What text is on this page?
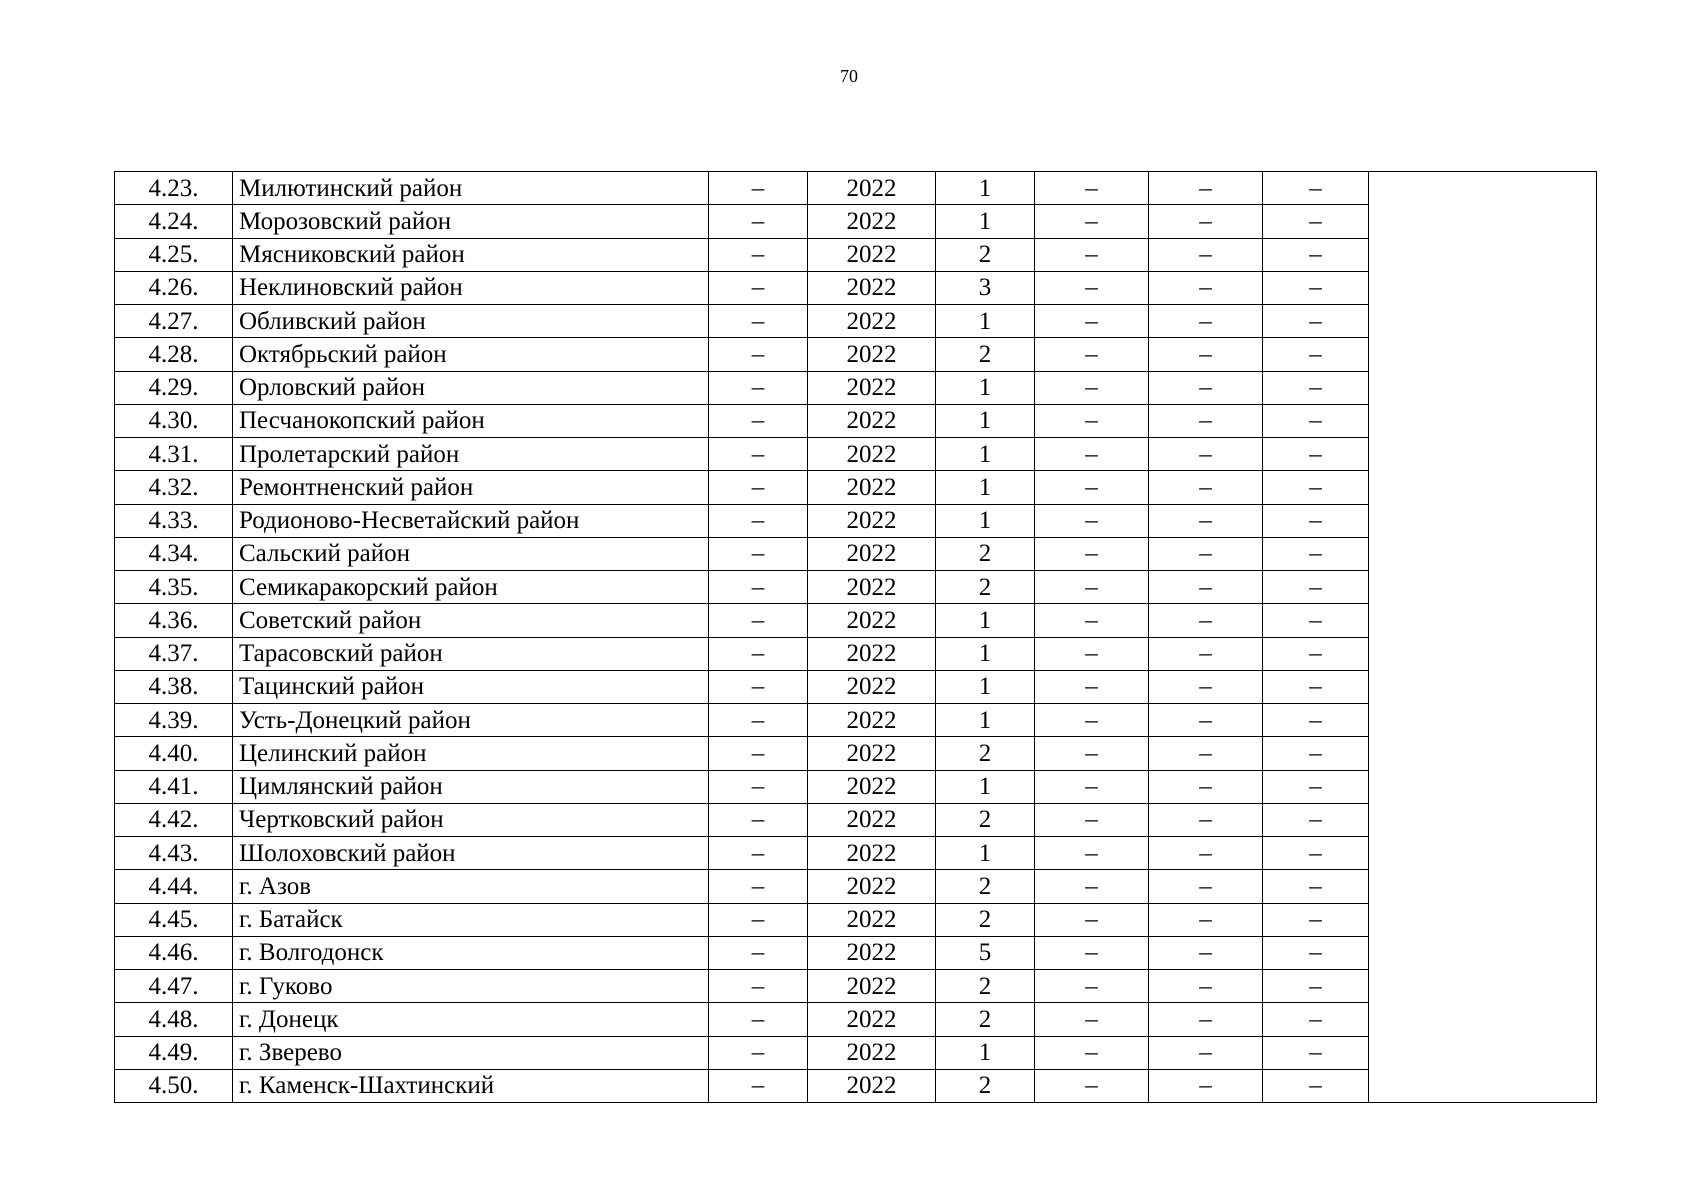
70
4.23.	Милютинский район	–	2022	1	–	–	–	
4.24.	Морозовский район	–	2022	1	–	–	–	
4.25.	Мясниковский район	–	2022	2	–	–	–	
4.26.	Неклиновский район	–	2022	3	–	–	–	
4.27.	Обливский район	–	2022	1	–	–	–	
4.28.	Октябрьский район	–	2022	2	–	–	–	
4.29.	Орловский район	–	2022	1	–	–	–	
4.30.	Песчанокопский район	–	2022	1	–	–	–	
4.31.	Пролетарский район	–	2022	1	–	–	–	
4.32.	Ремонтненский район	–	2022	1	–	–	–	
4.33.	Родионово-Несветайский район	–	2022	1	–	–	–	
4.34.	Сальский район	–	2022	2	–	–	–	
4.35.	Семикаракорский район	–	2022	2	–	–	–	
4.36.	Советский район	–	2022	1	–	–	–	
4.37.	Тарасовский район	–	2022	1	–	–	–	
4.38.	Тацинский район	–	2022	1	–	–	–	
4.39.	Усть-Донецкий район	–	2022	1	–	–	–	
4.40.	Целинский район	–	2022	2	–	–	–	
4.41.	Цимлянский район	–	2022	1	–	–	–	
4.42.	Чертковский район	–	2022	2	–	–	–	
4.43.	Шолоховский район	–	2022	1	–	–	–	
4.44.	г. Азов	–	2022	2	–	–	–	
4.45.	г. Батайск	–	2022	2	–	–	–	
4.46.	г. Волгодонск	–	2022	5	–	–	–	
4.47.	г. Гуково	–	2022	2	–	–	–	
4.48.	г. Донецк	–	2022	2	–	–	–	
4.49.	г. Зверево	–	2022	1	–	–	–	
4.50.	г. Каменск-Шахтинский	–	2022	2	–	–	–	
